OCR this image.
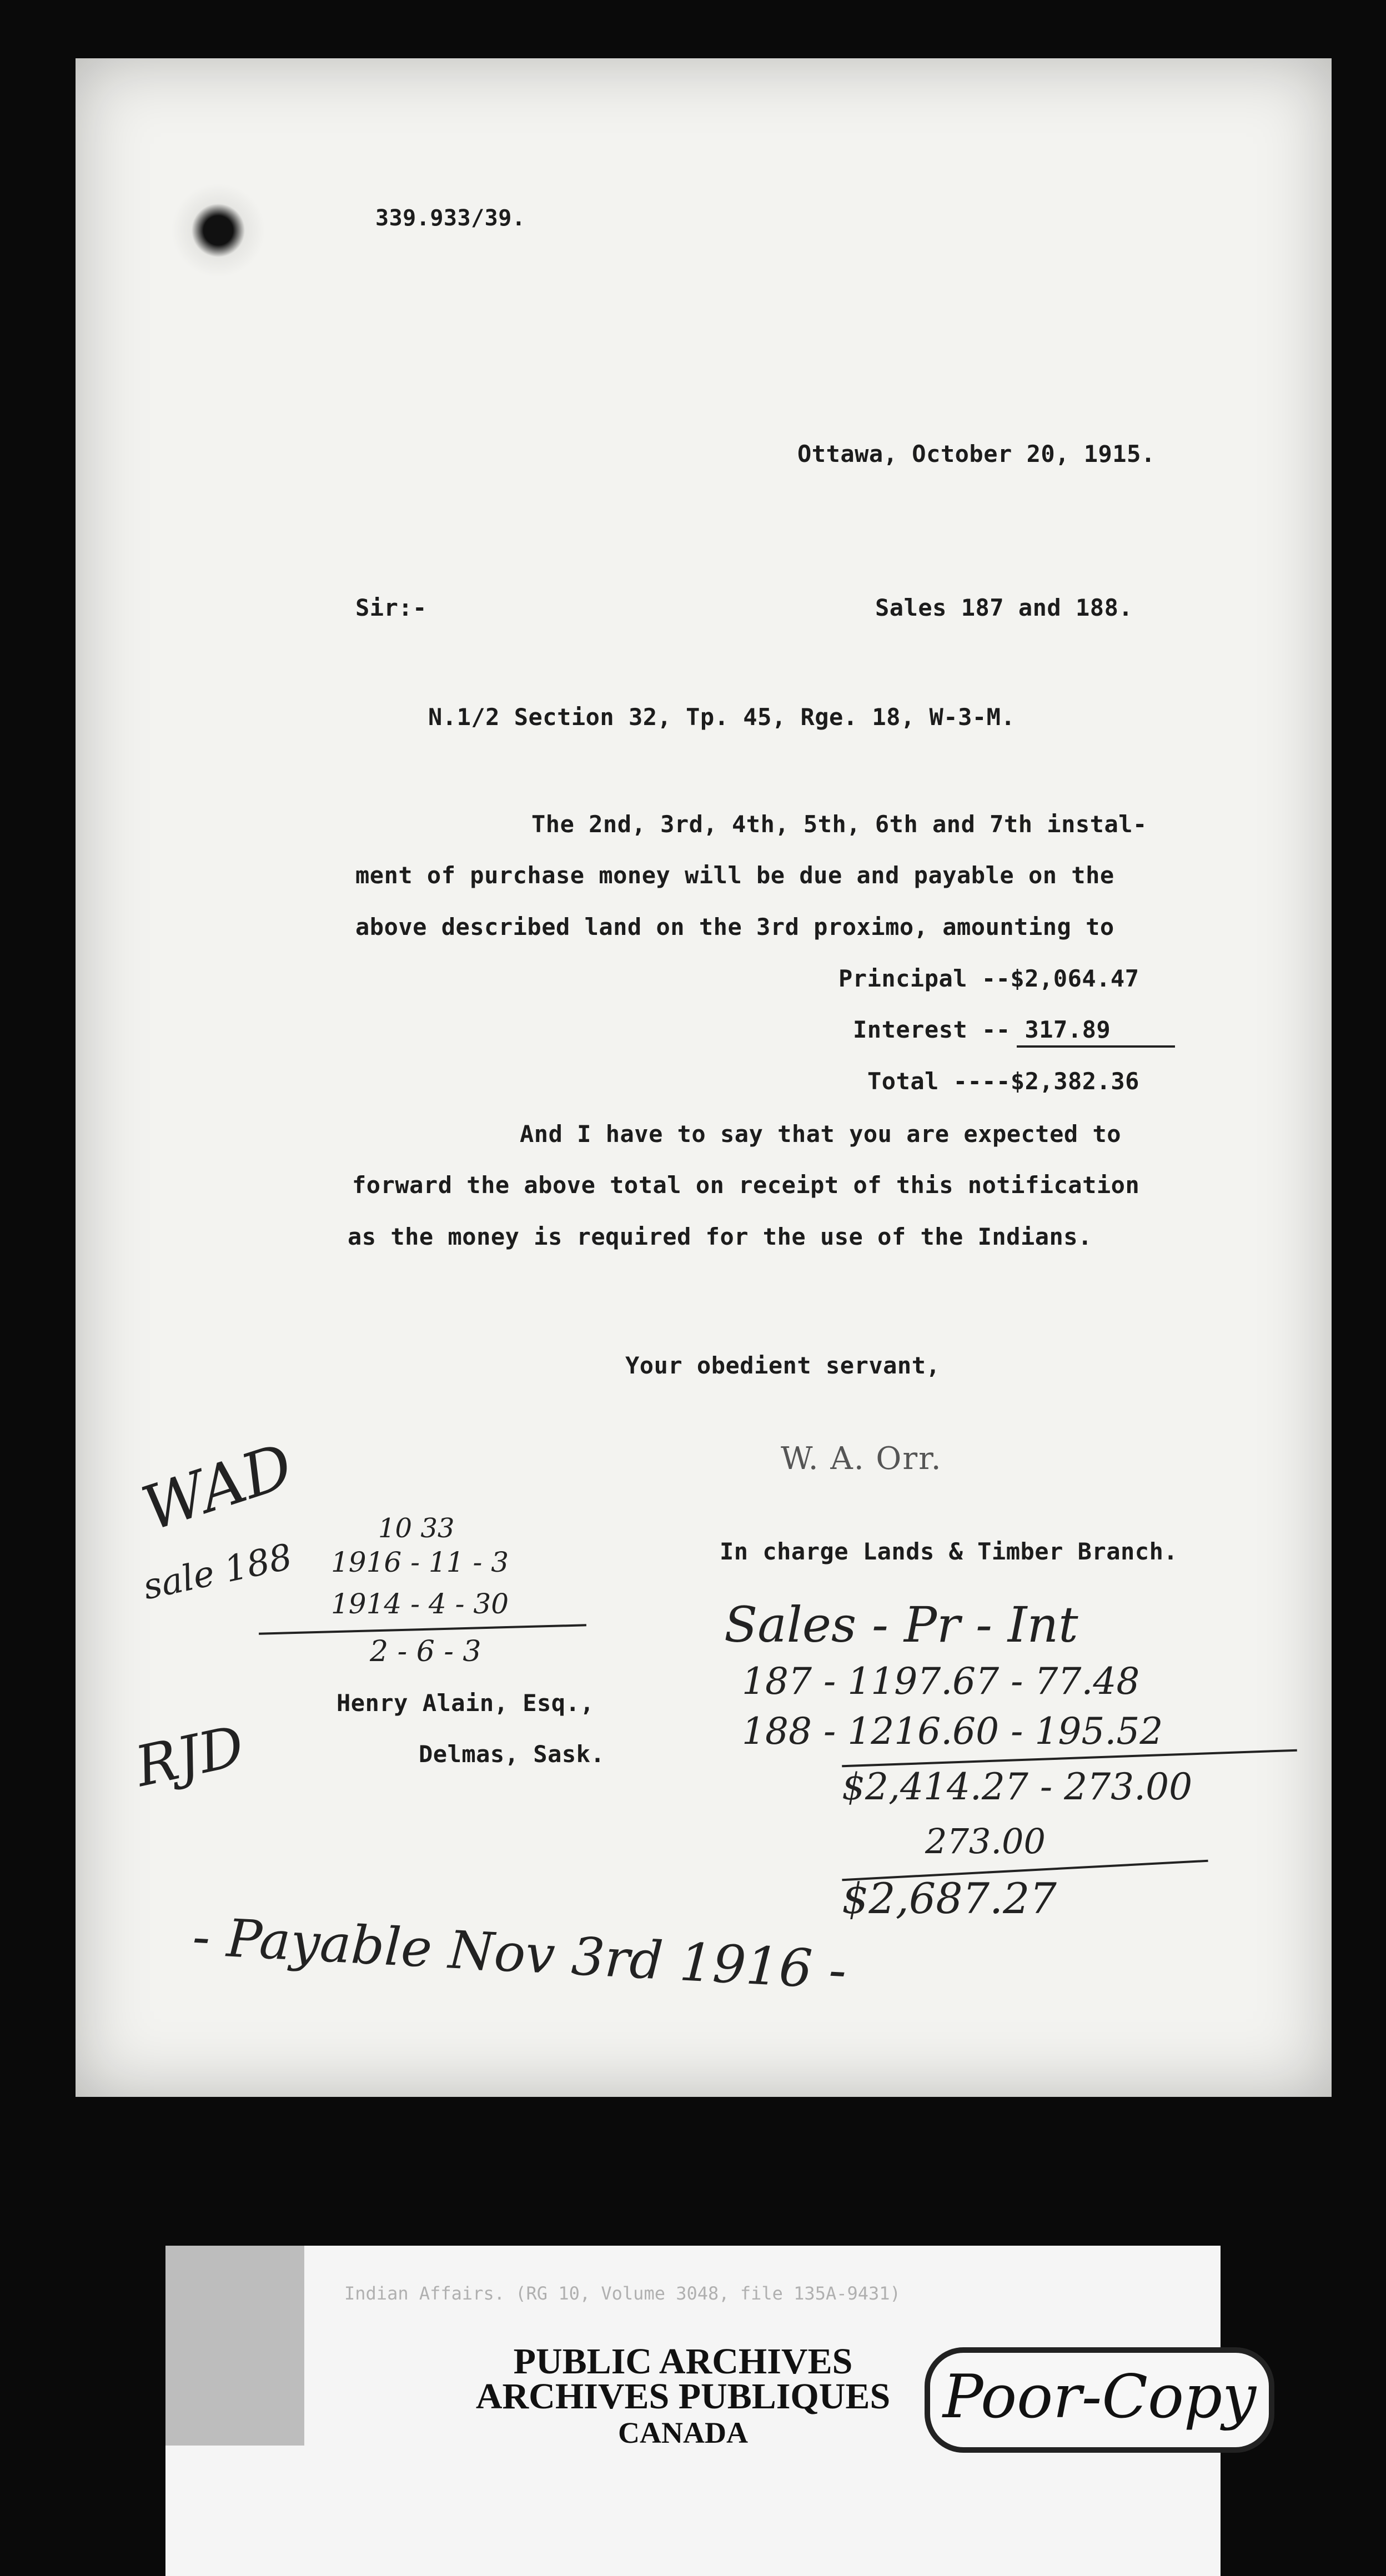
339.933/39.
Ottawa, October 20, 1915.
Sir:-	Sales 187 and 188.
N.1/2 Section 32, Tp. 45, Rge. 18, W-3-M.
The 2nd, 3rd, 4th, 5th, 6th and 7th instal-
ment of purchase money will be due and payable on the
above described land on the 3rd proximo, amounting to
Principal --$2,064.47
Interest -- 317.89
Total ----$2,382.36
And I have to say that you are expected to
forward the above total on receipt of this notification
as the money is required for the use of the Indians.
Your obedient servant,
W. A. Orr.
In charge Lands & Timber Branch.
Henry Alain, Esq.,
Delmas, Sask.
WAD
sale 188
10 33
1916 - 11 - 3
1914 - 4 - 30
2 - 6 - 3
RJD
Sales - Pr - Int
187 - 1197.67 - 77.48
188 - 1216.60 - 195.52
$2,414.27 - 273.00
273.00
$2,687.27
- Payable Nov 3rd 1916 -
Indian Affairs. (RG 10, Volume 3048, file 135A-9431)
PUBLIC ARCHIVES
ARCHIVES PUBLIQUES
CANADA
Poor-Copy
